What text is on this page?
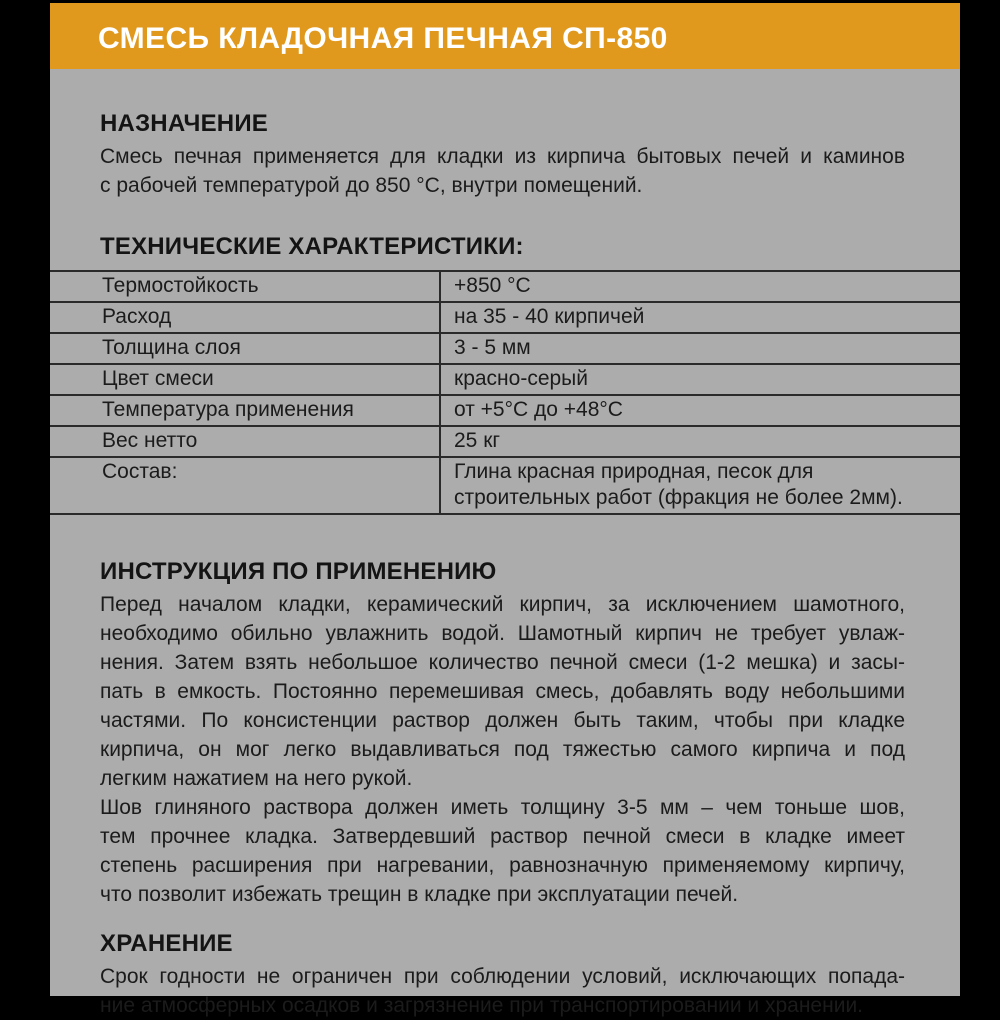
СМЕСЬ КЛАДОЧНАЯ ПЕЧНАЯ СП-850
НАЗНАЧЕНИЕ
Смесь печная применяется для кладки из кирпича бытовых печей и каминов
с рабочей температурой до 850 °С, внутри помещений.
ТЕХНИЧЕСКИЕ ХАРАКТЕРИСТИКИ:
Термостойкость	+850 °С
Расход	на 35 - 40 кирпичей
Толщина слоя	3 - 5 мм
Цвет смеси	красно-серый
Температура применения	от +5°С до +48°С
Вес нетто	25 кг
Состав:	Глина красная природная, песок для строительных работ (фракция не более 2мм).
ИНСТРУКЦИЯ ПО ПРИМЕНЕНИЮ
Перед началом кладки, керамический кирпич, за исключением шамотного,
необходимо обильно увлажнить водой. Шамотный кирпич не требует увлаж-
нения. Затем взять небольшое количество печной смеси (1-2 мешка) и засы-
пать в емкость. Постоянно перемешивая смесь, добавлять воду небольшими
частями. По консистенции раствор должен быть таким, чтобы при кладке
кирпича, он мог легко выдавливаться под тяжестью самого кирпича и под
легким нажатием на него рукой.
Шов глиняного раствора должен иметь толщину 3-5 мм – чем тоньше шов,
тем прочнее кладка. Затвердевший раствор печной смеси в кладке имеет
степень расширения при нагревании, равнозначную применяемому кирпичу,
что позволит избежать трещин в кладке при эксплуатации печей.
ХРАНЕНИЕ
Срок годности не ограничен при соблюдении условий, исключающих попада-
ние атмосферных осадков и загрязнение при транспортировании и хранении.
